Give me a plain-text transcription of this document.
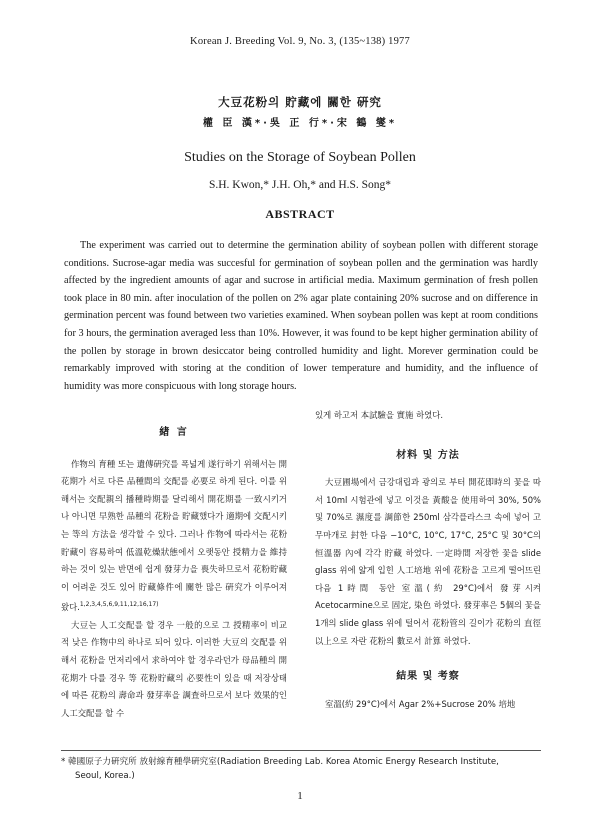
Korean J. Breeding Vol. 9, No. 3, (135~138) 1977
大豆花粉의 貯藏에 關한 硏究
權 臣 漢*·吳 正 行*·宋 鶴 燮*
Studies on the Storage of Soybean Pollen
S.H. Kwon,* J.H. Oh,* and H.S. Song*
ABSTRACT
The experiment was carried out to determine the germination ability of soybean pollen with different storage conditions. Sucrose-agar media was succesful for germination of soybean pollen and the germination was hardly affected by the ingredient amounts of agar and sucrose in artificial media. Maximum germination of fresh pollen took place in 80 min. after inoculation of the pollen on 2% agar plate containing 20% sucrose and on difference in germination percent was found between two varieties examined. When soybean pollen was kept at room conditions for 3 hours, the germination averaged less than 10%. However, it was found to be kept higher germination ability of the pollen by storage in brown desiccator being controlled humidity and light. Morever germination could be remarkably improved with storing at the condition of lower temperature and humidity, and the influence of humidity was more conspicuous with long storage hours.
緖 言

作物의 育種 또는 遺傳硏究를 폭넓게 遂行하기 위해서는 開花期가 서로 다른 品種間의 交配를 必要로 하게 된다. 이를 위해서는 交配親의 播種時期를 달리해서 開花期를 一致시키거나 아니면 早熟한 品種의 花粉을 貯藏했다가 適期에 交配시키는 等의 方法을 생각할 수 있다. 그러나 作物에 따라서는 花粉貯藏이 容易하여 低溫乾燥狀態에서 오랫동안 授精力을 維持하는 것이 있는 반면에 쉽게 發芽力을 喪失하므로서 花粉貯藏이 어려운 것도 있어 貯藏條件에 關한 많은 硏究가 이루어져 왔다.$^{1,2,3,4,5,6,9,11,12,16,17)}$

大豆는 人工交配를 할 경우 一般的으로 그 授精率이 비교적 낮은 作物中의 하나로 되어 있다. 이러한 大豆의 交配를 위해서 花粉을 먼저리에서 求하여야 할 경우라던가 母品種의 開花期가 다를 경우 等 花粉貯藏의 必要性이 있을 때 저장상태에 따른 花粉의 壽命과 發芽率을 調査하므로서 보다 效果的인 人工交配를 할 수

있게 하고저 本試驗을 實施 하였다.

材料 및 方法

大豆圃場에서 금강대립과 광의로 부터 開花即時의 꽃을 따서 10ml 시험관에 넣고 이것을 黃酸을 使用하여 30%, 50% 및 70%로 濕度를 調節한 250ml 삼각플라스크 속에 넣어 고무마개로 封한 다음 −10°C, 10°C, 17°C, 25°C 및 30°C의 恒溫器 內에 각각 貯藏 하였다. 一定時間 저장한 꽃을 slide glass 위에 얇게 입힌 人工培地 위에 花粉을 고르게 떨어뜨린 다음 1時間 동안 室溫(約 29°C)에서 發芽시켜 Acetocarmine으로 固定, 染色 하였다. 發芽率은 5個의 꽃을 1개의 slide glass 위에 털어서 花粉管의 길이가 花粉의 直徑以上으로 자란 花粉의 數로서 計算 하였다.

結果 및 考察

室溫(約 29°C)에서 Agar 2%+Sucrose 20% 培地

* 韓國原子力硏究所 放射線育種學硏究室(Radiation Breeding Lab. Korea Atomic Energy Research Institute,
Seoul, Korea.)
1
